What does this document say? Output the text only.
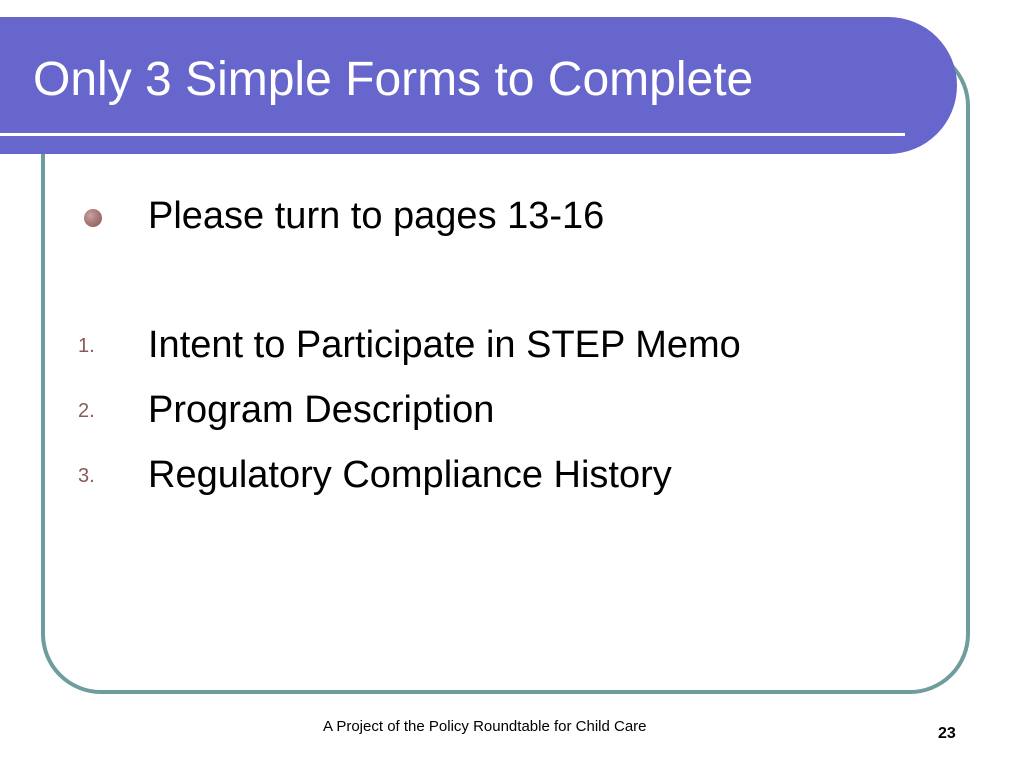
Only 3 Simple Forms to Complete
Please turn to pages 13-16
1. Intent to Participate in STEP Memo
2. Program Description
3. Regulatory Compliance History
A Project of the Policy Roundtable for Child Care	23
